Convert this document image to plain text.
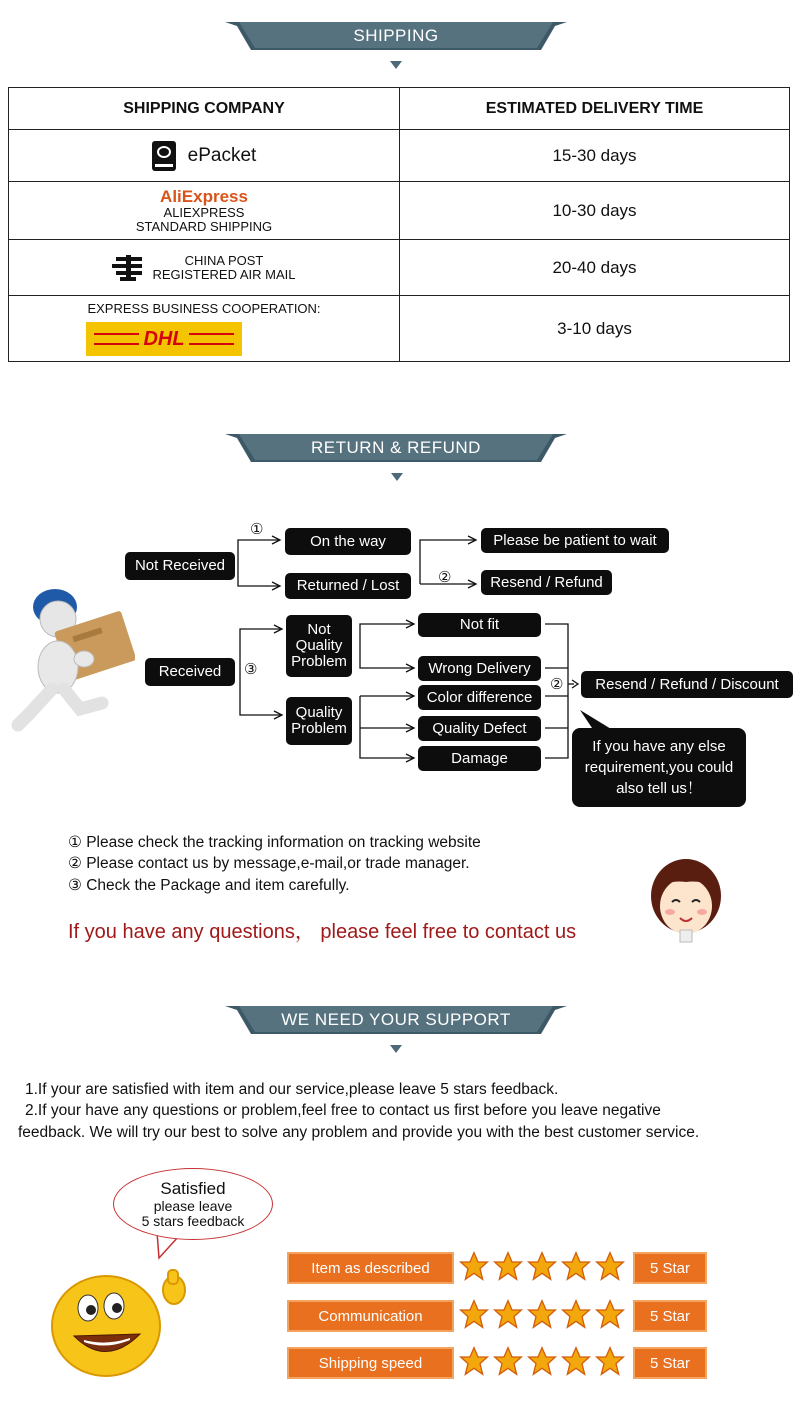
SHIPPING
SHIPPING COMPANY	ESTIMATED DELIVERY TIME

ePacket	15-30 days

AliExpress
ALIEXPRESS
STANDARD SHIPPING	10-30 days

CHINA POST
REGISTERED AIR MAIL	20-40 days

EXPRESS BUSINESS COOPERATION:
DHL	3-10 days
RETURN & REFUND
①
②
③
②
Not Received
On the way
Returned / Lost
Please be patient to wait
Resend / Refund
Received
Not Quality Problem
Quality Problem
Not fit
Wrong Delivery
Color difference
Quality Defect
Damage
Resend / Refund / Discount
If you have any else requirement,you could also tell us！
① Please check the tracking information on tracking website
② Please contact us by message,e-mail,or trade manager.
③ Check the Package and item carefully.
If you have any questions， please feel free to contact us
WE NEED YOUR SUPPORT
1.If your are satisfied with item and our service,please leave 5 stars feedback.
2.If your have any questions or problem,feel free to contact us first before you leave negative
feedback. We will try our best to solve any problem and provide you with the best customer service.
Satisfied
please leave
5 stars feedback
Item as described	5 Star
Communication	5 Star
Shipping speed	5 Star
